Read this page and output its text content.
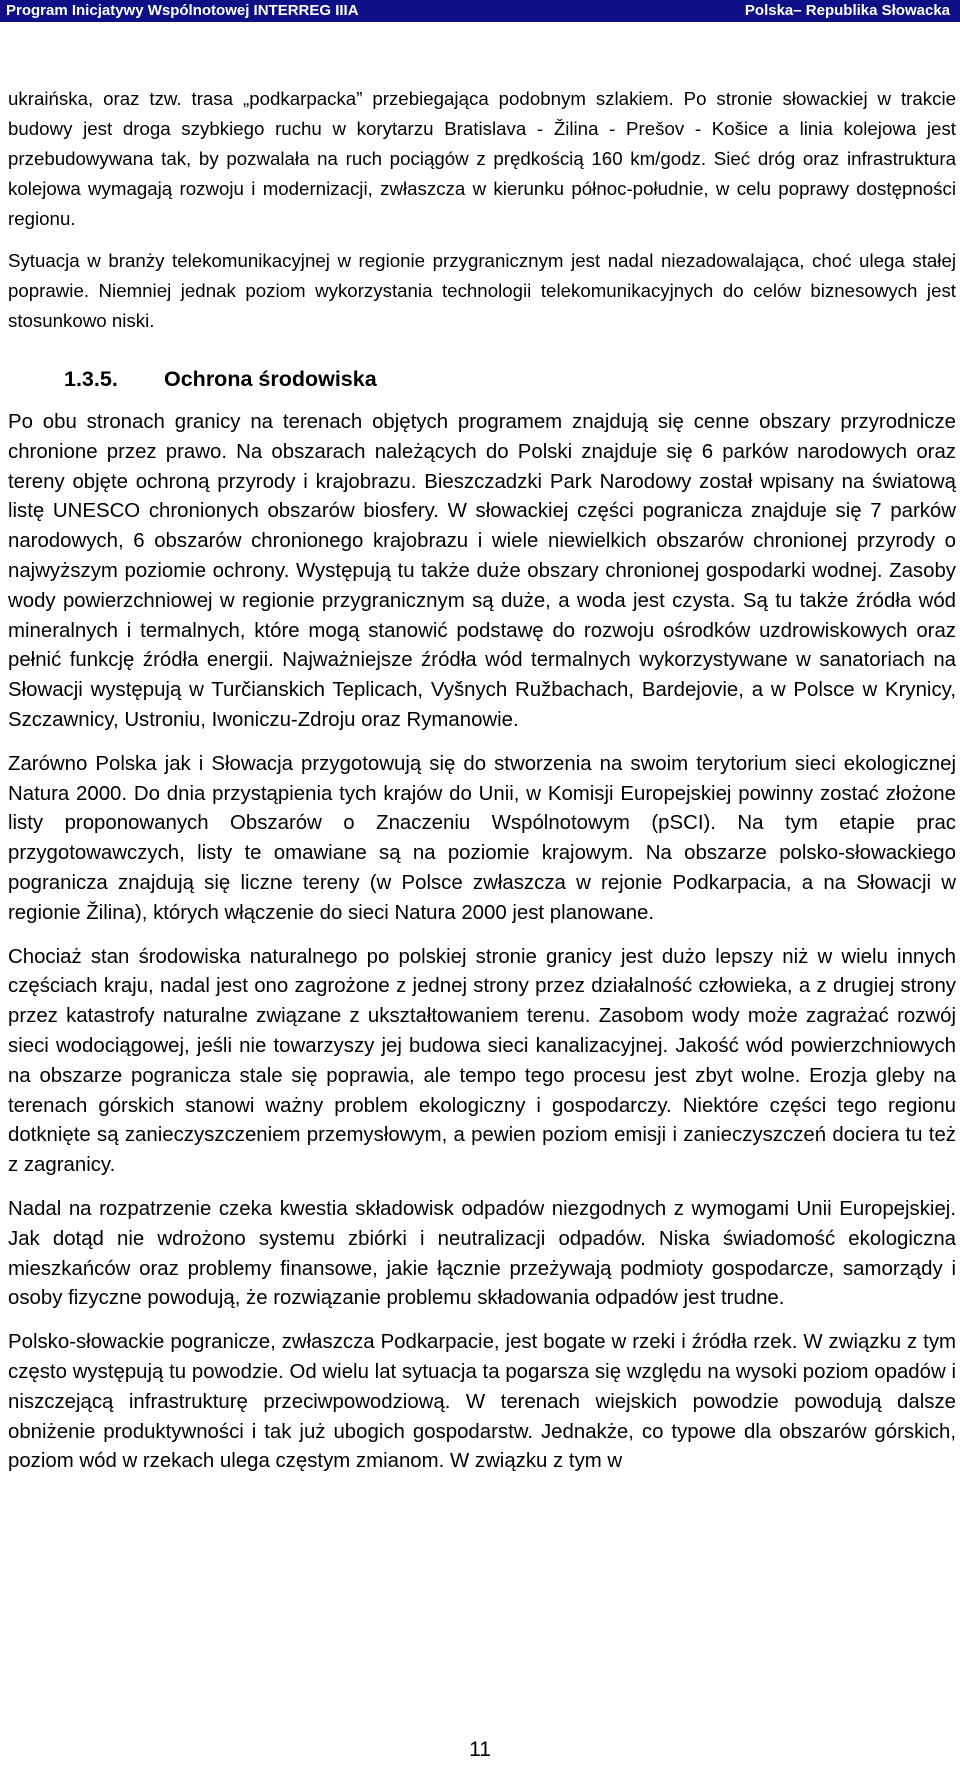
Program Inicjatywy Wspólnotowej INTERREG IIIA	Polska– Republika Słowacka

ukraińska, oraz tzw. trasa „podkarpacka” przebiegająca podobnym szlakiem. Po stronie słowackiej w trakcie budowy jest droga szybkiego ruchu w korytarzu Bratislava - Žilina - Prešov - Košice a linia kolejowa jest przebudowywana tak, by pozwalała na ruch pociągów z prędkością 160 km/godz. Sieć dróg oraz infrastruktura kolejowa wymagają rozwoju i modernizacji, zwłaszcza w kierunku północ-południe, w celu poprawy dostępności regionu.

Sytuacja w branży telekomunikacyjnej w regionie przygranicznym jest nadal niezadowalająca, choć ulega stałej poprawie. Niemniej jednak poziom wykorzystania technologii telekomunikacyjnych do celów biznesowych jest stosunkowo niski.

1.3.5. Ochrona środowiska

Po obu stronach granicy na terenach objętych programem znajdują się cenne obszary przyrodnicze chronione przez prawo. Na obszarach należących do Polski znajduje się 6 parków narodowych oraz tereny objęte ochroną przyrody i krajobrazu. Bieszczadzki Park Narodowy został wpisany na światową listę UNESCO chronionych obszarów biosfery. W słowackiej części pogranicza znajduje się 7 parków narodowych, 6 obszarów chronionego krajobrazu i wiele niewielkich obszarów chronionej przyrody o najwyższym poziomie ochrony. Występują tu także duże obszary chronionej gospodarki wodnej. Zasoby wody powierzchniowej w regionie przygranicznym są duże, a woda jest czysta. Są tu także źródła wód mineralnych i termalnych, które mogą stanowić podstawę do rozwoju ośrodków uzdrowiskowych oraz pełnić funkcję źródła energii. Najważniejsze źródła wód termalnych wykorzystywane w sanatoriach na Słowacji występują w Turčianskich Teplicach, Vyšnych Ružbachach, Bardejovie, a w Polsce w Krynicy, Szczawnicy, Ustroniu, Iwoniczu-Zdroju oraz Rymanowie.

Zarówno Polska jak i Słowacja przygotowują się do stworzenia na swoim terytorium sieci ekologicznej Natura 2000. Do dnia przystąpienia tych krajów do Unii, w Komisji Europejskiej powinny zostać złożone listy proponowanych Obszarów o Znaczeniu Wspólnotowym (pSCI). Na tym etapie prac przygotowawczych, listy te omawiane są na poziomie krajowym. Na obszarze polsko-słowackiego pogranicza znajdują się liczne tereny (w Polsce zwłaszcza w rejonie Podkarpacia, a na Słowacji w regionie Žilina), których włączenie do sieci Natura 2000 jest planowane.

Chociaż stan środowiska naturalnego po polskiej stronie granicy jest dużo lepszy niż w wielu innych częściach kraju, nadal jest ono zagrożone z jednej strony przez działalność człowieka, a z drugiej strony przez katastrofy naturalne związane z ukształtowaniem terenu. Zasobom wody może zagrażać rozwój sieci wodociągowej, jeśli nie towarzyszy jej budowa sieci kanalizacyjnej. Jakość wód powierzchniowych na obszarze pogranicza stale się poprawia, ale tempo tego procesu jest zbyt wolne. Erozja gleby na terenach górskich stanowi ważny problem ekologiczny i gospodarczy. Niektóre części tego regionu dotknięte są zanieczyszczeniem przemysłowym, a pewien poziom emisji i zanieczyszczeń dociera tu też z zagranicy.

Nadal na rozpatrzenie czeka kwestia składowisk odpadów niezgodnych z wymogami Unii Europejskiej. Jak dotąd nie wdrożono systemu zbiórki i neutralizacji odpadów. Niska świadomość ekologiczna mieszkańców oraz problemy finansowe, jakie łącznie przeżywają podmioty gospodarcze, samorządy i osoby fizyczne powodują, że rozwiązanie problemu składowania odpadów jest trudne.

Polsko-słowackie pogranicze, zwłaszcza Podkarpacie, jest bogate w rzeki i źródła rzek. W związku z tym często występują tu powodzie. Od wielu lat sytuacja ta pogarsza się względu na wysoki poziom opadów i niszczejącą infrastrukturę przeciwpowodziową. W terenach wiejskich powodzie powodują dalsze obniżenie produktywności i tak już ubogich gospodarstw. Jednakże, co typowe dla obszarów górskich, poziom wód w rzekach ulega częstym zmianom. W związku z tym w

11
